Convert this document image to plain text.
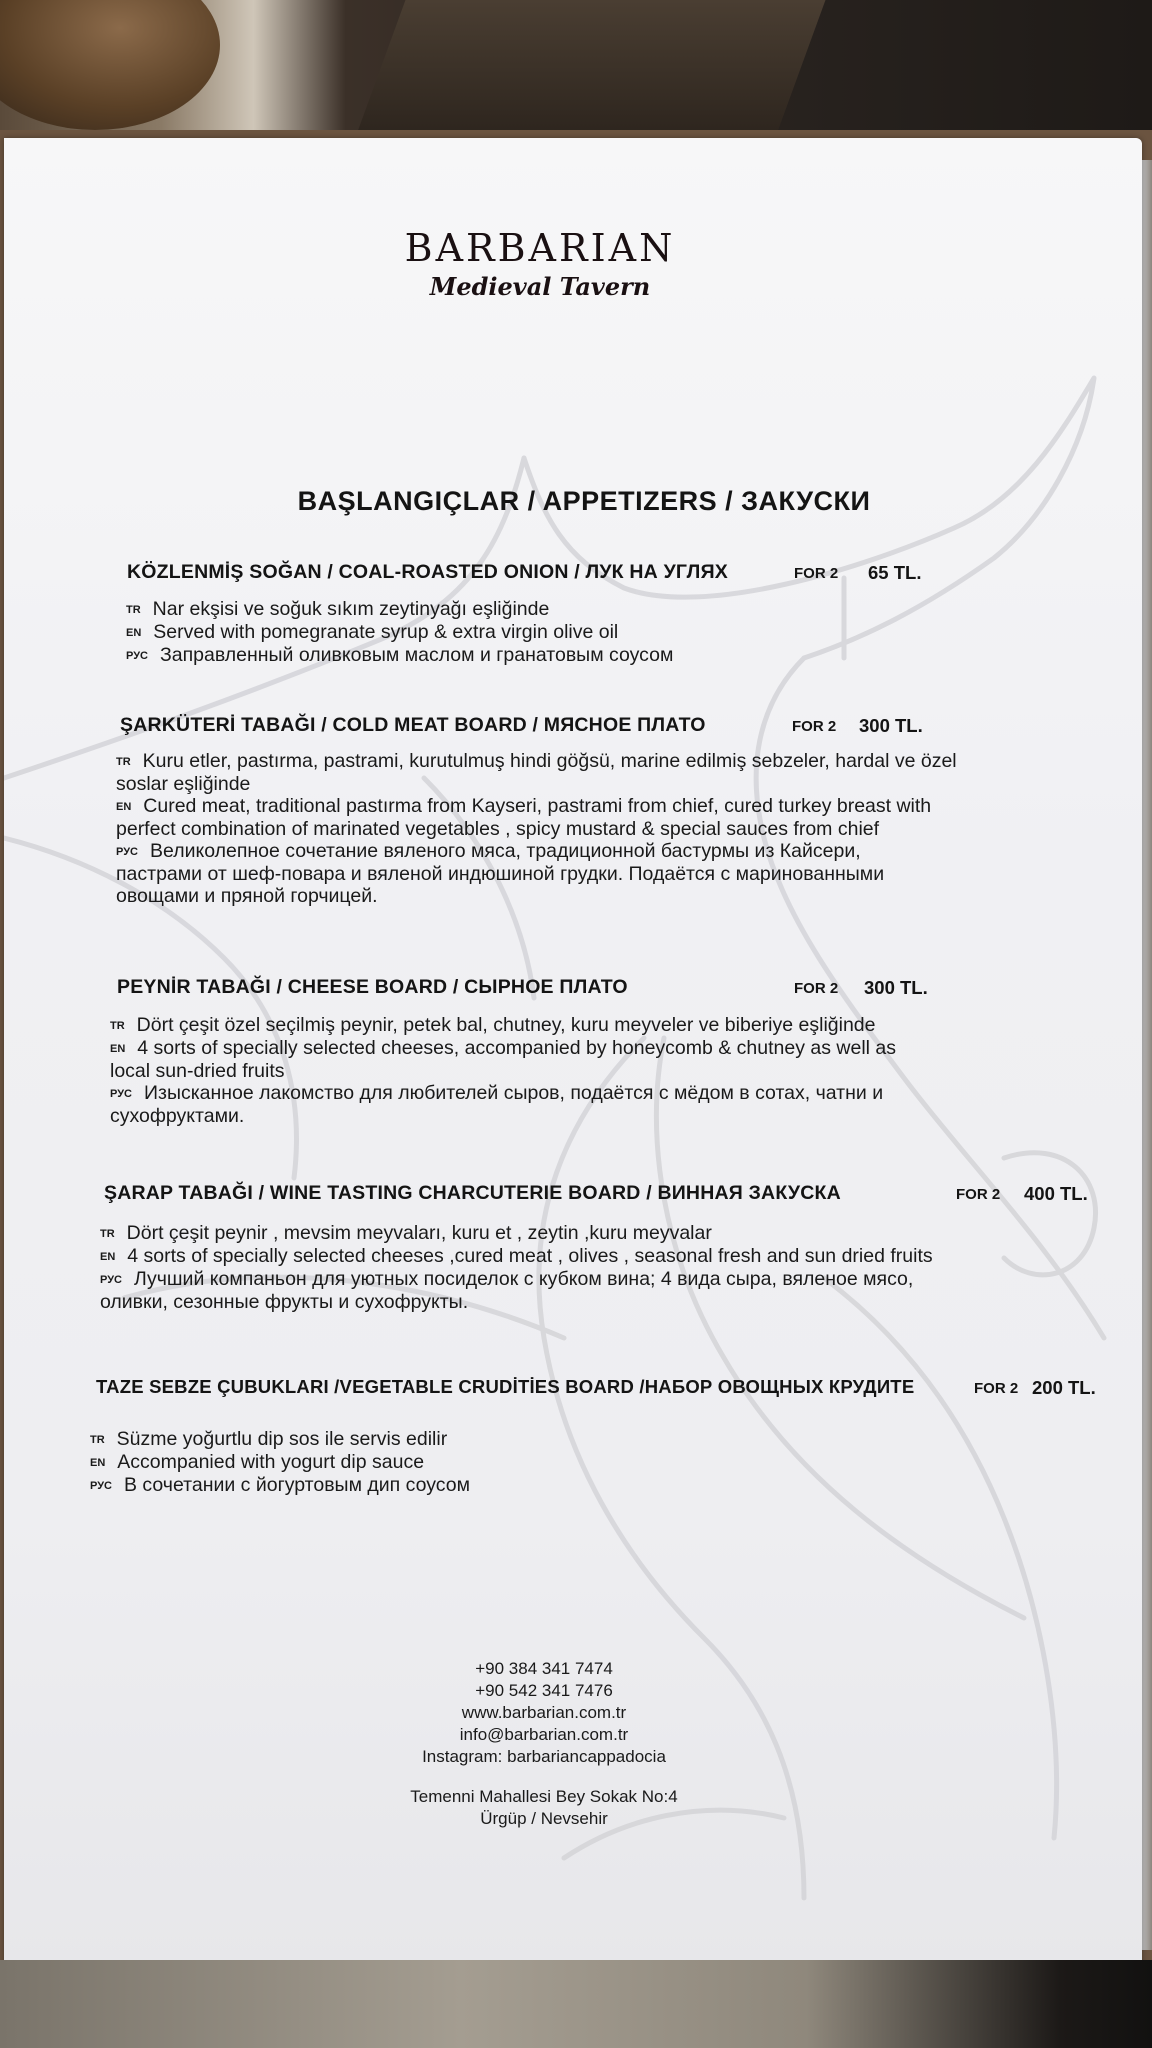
BARBARIAN
Medieval Tavern
BAŞLANGIÇLAR / APPETIZERS / ЗАКУСКИ
KÖZLENMİŞ SOĞAN / COAL-ROASTED ONION / ЛУК НА УГЛЯХ	FOR 2 65 TL.
TR Nar ekşisi ve soğuk sıkım zeytinyağı eşliğinde
EN Served with pomegranate syrup & extra virgin olive oil
РУС Заправленный оливковым маслом и гранатовым соусом
ŞARKÜTERİ TABAĞI / COLD MEAT BOARD / МЯСНОЕ ПЛАТО	FOR 2 300 TL.
TR Kuru etler, pastırma, pastrami, kurutulmuş hindi göğsü, marine edilmiş sebzeler, hardal ve özel
soslar eşliğinde
EN Cured meat, traditional pastırma from Kayseri, pastrami from chief, cured turkey breast with
perfect combination of marinated vegetables , spicy mustard & special sauces from chief
РУС Великолепное сочетание вяленого мяса, традиционной бастурмы из Кайсери,
пастрами от шеф-повара и вяленой индюшиной грудки. Подаётся с маринованными
овощами и пряной горчицей.
PEYNİR TABAĞI / CHEESE BOARD / СЫРНОЕ ПЛАТО	FOR 2 300 TL.
TR Dört çeşit özel seçilmiş peynir, petek bal, chutney, kuru meyveler ve biberiye eşliğinde
EN 4 sorts of specially selected cheeses, accompanied by honeycomb & chutney as well as
local sun-dried fruits
РУС Изысканное лакомство для любителей сыров, подаётся с мёдом в сотах, чатни и
сухофруктами.
ŞARAP TABAĞI / WINE TASTING CHARCUTERIE BOARD / ВИННАЯ ЗАКУСКА	FOR 2 400 TL.
TR Dört çeşit peynir , mevsim meyvaları, kuru et , zeytin ,kuru meyvalar
EN 4 sorts of specially selected cheeses ,cured meat , olives , seasonal fresh and sun dried fruits
РУС Лучший компаньон для уютных посиделок с кубком вина; 4 вида сыра, вяленое мясо,
оливки, сезонные фрукты и сухофрукты.
TAZE SEBZE ÇUBUKLARI /VEGETABLE CRUDİTİES BOARD /НАБОР ОВОЩНЫХ КРУДИТЕ	FOR 2 200 TL.
TR Süzme yoğurtlu dip sos ile servis edilir
EN Accompanied with yogurt dip sauce
РУС В сочетании с йогуртовым дип соусом
+90 384 341 7474
+90 542 341 7476
www.barbarian.com.tr
info@barbarian.com.tr
Instagram: barbariancappadocia
Temenni Mahallesi Bey Sokak No:4
Ürgüp / Nevsehir
